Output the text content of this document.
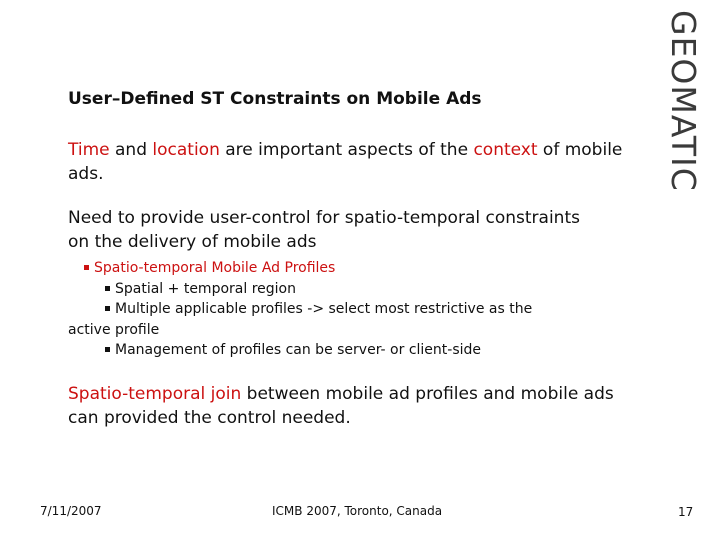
GEOMATIC
User–Defined ST Constraints on Mobile Ads
Time and location are important aspects of the context of mobile ads.
Need to provide user-control for spatio-temporal constraints on the delivery of mobile ads
Spatio-temporal Mobile Ad Profiles
Spatial + temporal region
Multiple applicable profiles -> select most restrictive as the
active profile
Management of profiles can be server- or client-side
Spatio-temporal join between mobile ad profiles and mobile ads can provided the control needed.
7/11/2007	ICMB 2007, Toronto, Canada	17
